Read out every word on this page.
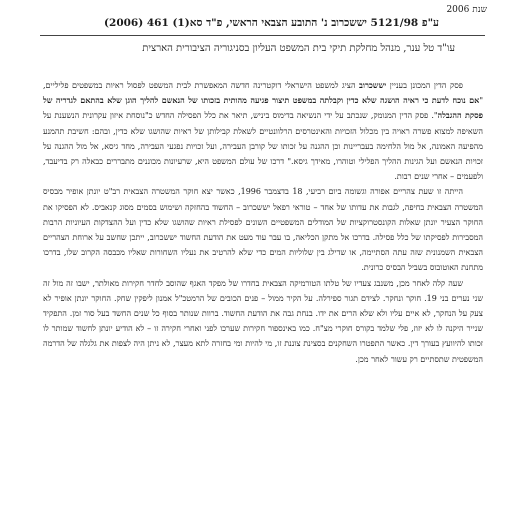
שנת 2006
ע"פ 5121/98 יששכרוב נ' התובע הצבאי הראשי, פ"ד סא(1) 461 (2006)
עו"ד טל ענר, מנהל מחלקת תיקי בית המשפט העליון בסניגוריה הציבורית הארצית

פסק הדין המכונן בעניין יששכרוב הציג למשפט הישראלי דוקטרינה חדשה המאפשרת לבית המשפט לפסול ראיות במשפטים פליליים, "אם נוכח לדעת כי ראיה הושגה שלא כדין וקבלתה במשפט תיצור פגיעה מהותית בזכותו של הנאשם להליך הוגן שלא בהתאם לגדריה של פסקת ההגבלה". פסק הדין המנומק, שנכתב על ידי הנשיאה בדימוס ביניש, תיאר את כלל הפסילה החדש כ"נוסחת איזון עקרונית הנשענת על השאיפה למצוא פשרה ראויה בין מכלול הזכויות והאינטרסים הרלוונטיים לשאלת קבילותן של ראיות שהושגו שלא כדין, ובהם: חשיבת תהמנע מהפיעה האמונה, אל מול הלחימה בעבריינות וכן ההגנה על זכותו של קורבן העבירה, ועל זכויות נפגעי העבירה, מחד גיסא, אל מול ההגנה על זכויות הנאשם ועל הגינות ההליך הפלילי וטוהרו, מאידך גיסא." דרכו של עולם המשפט היא, שרעיונות מכוננים מתבררים כבאלה רק בדיעבד, ולפעמים – אחרי שנים רבות.

הייתה זו שעת צהריים אפורה וגשומה ביום רביעי, 18 בדצמבר 1996, כאשר יצא חוקר המשטרה הצבאית רב"ט יונתן אופיר מבסיס המשטרה הצבאית בחיפה, לגבות את עדותו של אחד – טוראי רפאל יששכרוב – החשוד בהחזקה ושימוש בסמים מסוג קנאביס. לא הפסיקו את החוקר הצעיר יונתן שאלות הקונסטרוקציות של המודלים המשפטיים השונים לפסילת ראיות שהושגו שלא כדין ועל ההצדקות העיוניות הרבות המסבירות לפסיקתו של כלל פסילה. בדרכו אל מתקן הכליאה, בו עבר עוד מעט את הודעת החשוד יששכרוב, ייתכן שחשב על ארוחת הצהריים הצבאית השמנונית שזה עתה הסתיימה, או שדילג בין שלוליות המים כדי שלא להרטיב את נעליו השחורות שאליו מכבסה הקרוב שלו, בדרכו מתחנת האוטובוס בשביל הבסיס כרונית.

שעה קלה לאחר מכן, משנבג צעדיו של טלתו הטורמיקה הצבאית בחדרו של מפקד האגף שהוסב לחדר חקירות מאולתר, ישבו זה מול זה שני נערים בני 19. חוקר ונחקר. לצידם תגור ספירלה. על הקיר ממול – פנים הכובים של הרמטכ"ל אמנון ליפקין שחק. החוקר יונתן אופיר לא צעק על הנחקר, לא איים עליו ולא שלא הרים את ידו. בנחת גבה את הודעת החשוד. ברוות שנותר בסוף כל שנים החשד בעל סור זמן. התפקיד שנייר היקנה לו לא יזוז, פלי שלמד בקורס חוקרי מצ"ח. כמו באינספור חקירות שערכו לפני ואחרי חקירה זו – לא הודיע יונתן לחשוד שמותר לו זכותו להיוועץ בעורך דין. כאשר התפטרו השחקנים בסצינת צוננת זו, מי להיות ומי בחזרה לתא מעצר, לא ניתן היה לצפות את גלגלה של הדרמה המשפטית שתסתיים רק עשור לאחר מכן.
